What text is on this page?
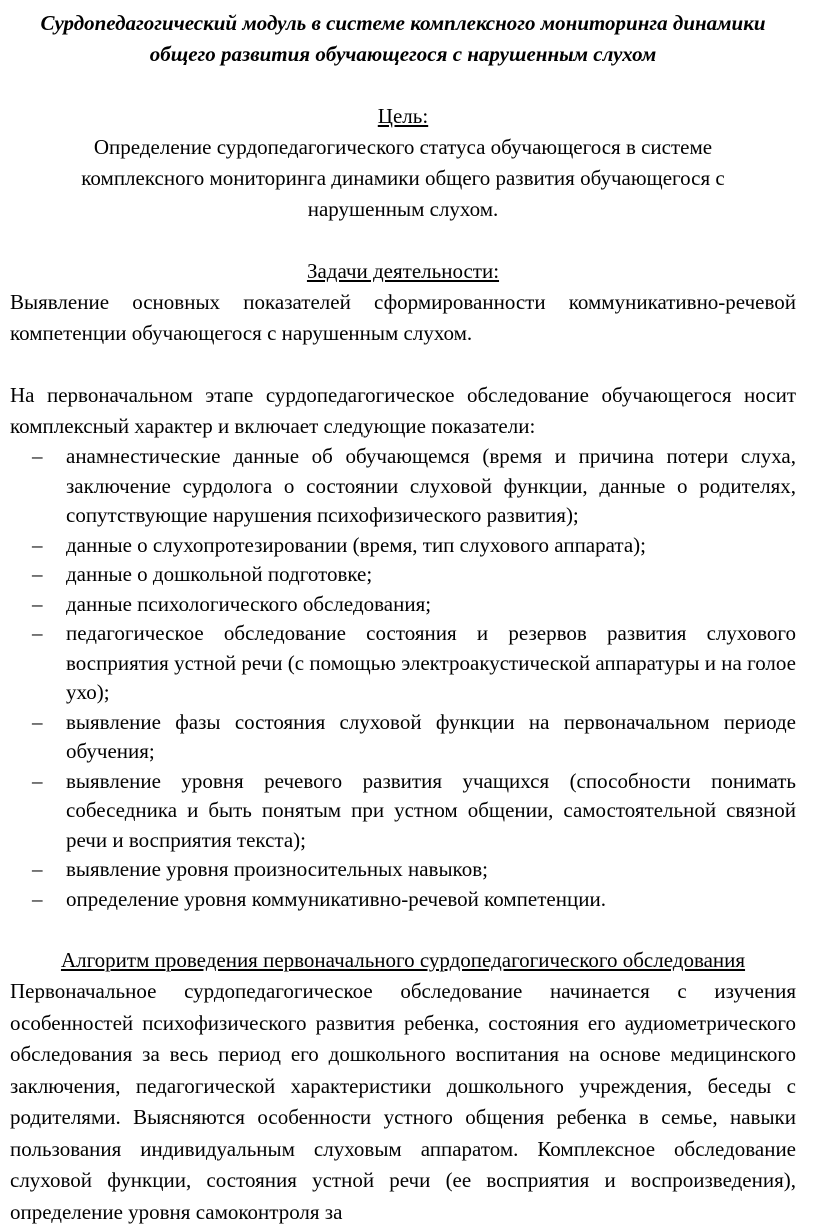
Сурдопедагогический модуль в системе комплексного мониторинга динамики общего развития обучающегося с нарушенным слухом

Цель:

Определение сурдопедагогического статуса обучающегося в системе комплексного мониторинга динамики общего развития обучающегося с нарушенным слухом.

Задачи деятельности:

Выявление основных показателей сформированности коммуникативно-речевой компетенции обучающегося с нарушенным слухом.

На первоначальном этапе сурдопедагогическое обследование обучающегося носит комплексный характер и включает следующие показатели:

–	анамнестические данные об обучающемся (время и причина потери слуха, заключение сурдолога о состоянии слуховой функции, данные о родителях, сопутствующие нарушения психофизического развития);
–	данные о слухопротезировании (время, тип слухового аппарата);
–	данные о дошкольной подготовке;
–	данные психологического обследования;
–	педагогическое обследование состояния и резервов развития слухового восприятия устной речи (с помощью электроакустической аппаратуры и на голое ухо);
–	выявление фазы состояния слуховой функции на первоначальном периоде обучения;
–	выявление уровня речевого развития учащихся (способности понимать собеседника и быть понятым при устном общении, самостоятельной связной речи и восприятия текста);
–	выявление уровня произносительных навыков;
–	определение уровня коммуникативно-речевой компетенции.

Алгоритм проведения первоначального сурдопедагогического обследования

Первоначальное сурдопедагогическое обследование начинается с изучения особенностей психофизического развития ребенка, состояния его аудиометрического обследования за весь период его дошкольного воспитания на основе медицинского заключения, педагогической характеристики дошкольного учреждения, беседы с родителями. Выясняются особенности устного общения ребенка в семье, навыки пользования индивидуальным слуховым аппаратом. Комплексное обследование слуховой функции, состояния устной речи (ее восприятия и воспроизведения), определение уровня самоконтроля за
